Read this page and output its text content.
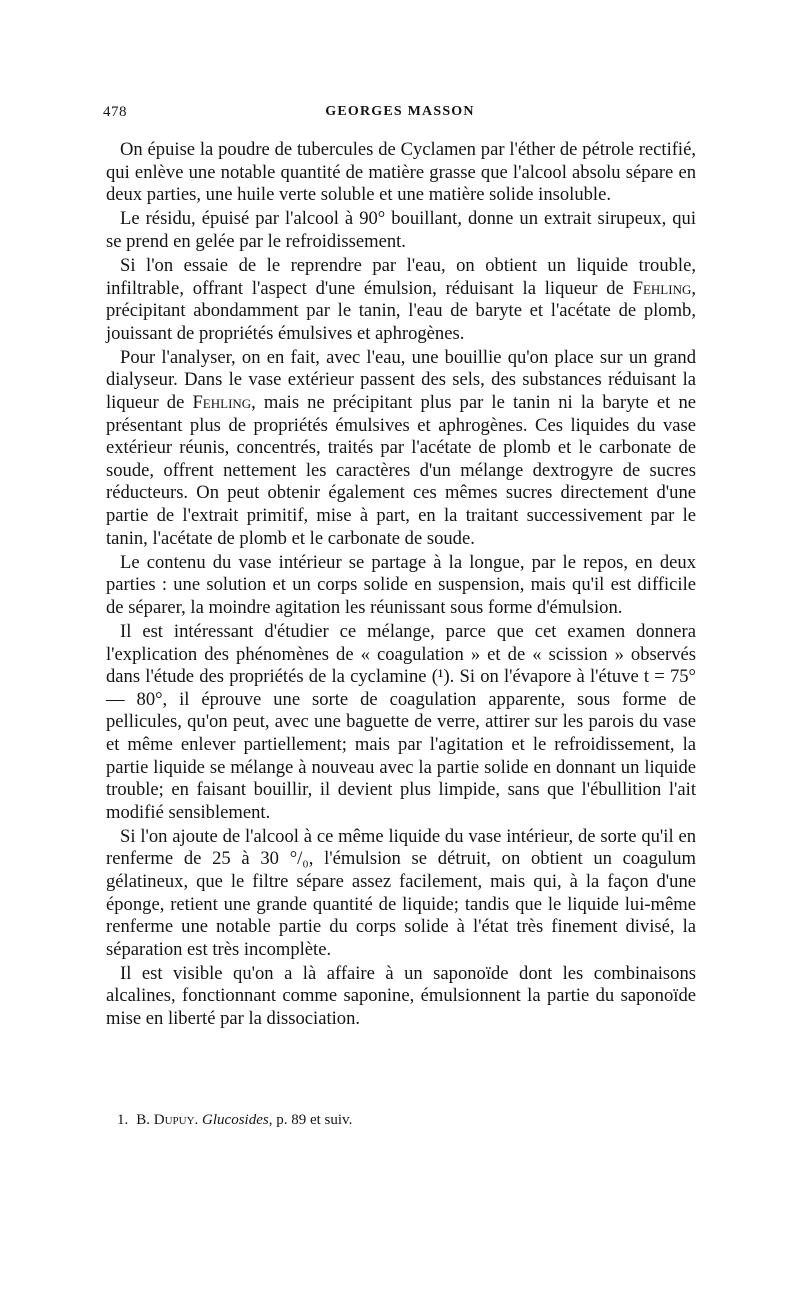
478	GEORGES MASSON

On épuise la poudre de tubercules de Cyclamen par l'éther de pétrole rectifié, qui enlève une notable quantité de matière grasse que l'alcool absolu sépare en deux parties, une huile verte soluble et une matière solide insoluble.

Le résidu, épuisé par l'alcool à 90° bouillant, donne un extrait sirupeux, qui se prend en gelée par le refroidissement.

Si l'on essaie de le reprendre par l'eau, on obtient un liquide trouble, infiltrable, offrant l'aspect d'une émulsion, réduisant la liqueur de Fehling, précipitant abondamment par le tanin, l'eau de baryte et l'acétate de plomb, jouissant de propriétés émulsives et aphrogènes.

Pour l'analyser, on en fait, avec l'eau, une bouillie qu'on place sur un grand dialyseur. Dans le vase extérieur passent des sels, des substances réduisant la liqueur de Fehling, mais ne précipitant plus par le tanin ni la baryte et ne présentant plus de propriétés émulsives et aphrogènes. Ces liquides du vase extérieur réunis, concentrés, traités par l'acétate de plomb et le carbonate de soude, offrent nettement les caractères d'un mélange dextrogyre de sucres réducteurs. On peut obtenir également ces mêmes sucres directement d'une partie de l'extrait primitif, mise à part, en la traitant successivement par le tanin, l'acétate de plomb et le carbonate de soude.

Le contenu du vase intérieur se partage à la longue, par le repos, en deux parties : une solution et un corps solide en suspension, mais qu'il est difficile de séparer, la moindre agitation les réunissant sous forme d'émulsion.

Il est intéressant d'étudier ce mélange, parce que cet examen donnera l'explication des phénomènes de « coagulation » et de « scission » observés dans l'étude des propriétés de la cyclamine (¹). Si on l'évapore à l'étuve t = 75° — 80°, il éprouve une sorte de coagulation apparente, sous forme de pellicules, qu'on peut, avec une baguette de verre, attirer sur les parois du vase et même enlever partiellement; mais par l'agitation et le refroidissement, la partie liquide se mélange à nouveau avec la partie solide en donnant un liquide trouble; en faisant bouillir, il devient plus limpide, sans que l'ébullition l'ait modifié sensiblement.

Si l'on ajoute de l'alcool à ce même liquide du vase intérieur, de sorte qu'il en renferme de 25 à 30 °/₀, l'émulsion se détruit, on obtient un coagulum gélatineux, que le filtre sépare assez facilement, mais qui, à la façon d'une éponge, retient une grande quantité de liquide; tandis que le liquide lui-même renferme une notable partie du corps solide à l'état très finement divisé, la séparation est très incomplète.

Il est visible qu'on a là affaire à un saponoïde dont les combinaisons alcalines, fonctionnant comme saponine, émulsionnent la partie du saponoïde mise en liberté par la dissociation.

1. B. Dupuy. Glucosides, p. 89 et suiv.
